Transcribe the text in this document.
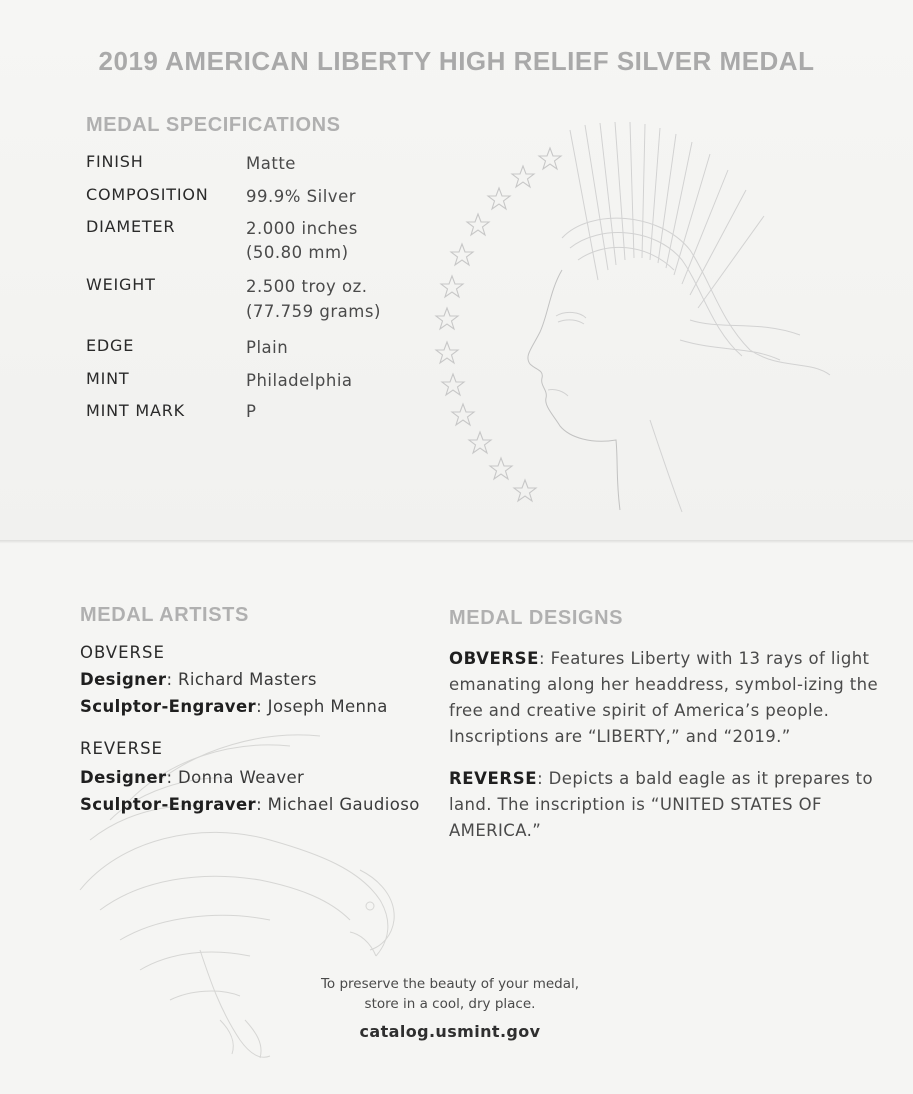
2019 AMERICAN LIBERTY HIGH RELIEF SILVER MEDAL
MEDAL SPECIFICATIONS
FINISH	Matte
COMPOSITION 99.9% Silver
DIAMETER	2.000 inches
(50.80 mm)
WEIGHT	2.500 troy oz.
(77.759 grams)
EDGE	Plain
MINT	Philadelphia
MINT MARK	P
MEDAL ARTISTS
OBVERSE
Designer: Richard Masters
Sculptor-Engraver: Joseph Menna
REVERSE
Designer: Donna Weaver
Sculptor-Engraver: Michael Gaudioso
MEDAL DESIGNS
OBVERSE: Features Liberty with 13 rays of light emanating along her headdress, symbol-izing the free and creative spirit of America’s people. Inscriptions are “LIBERTY,” and “2019.”
REVERSE: Depicts a bald eagle as it prepares to land. The inscription is “UNITED STATES OF AMERICA.”
To preserve the beauty of your medal,
store in a cool, dry place.
catalog.usmint.gov
